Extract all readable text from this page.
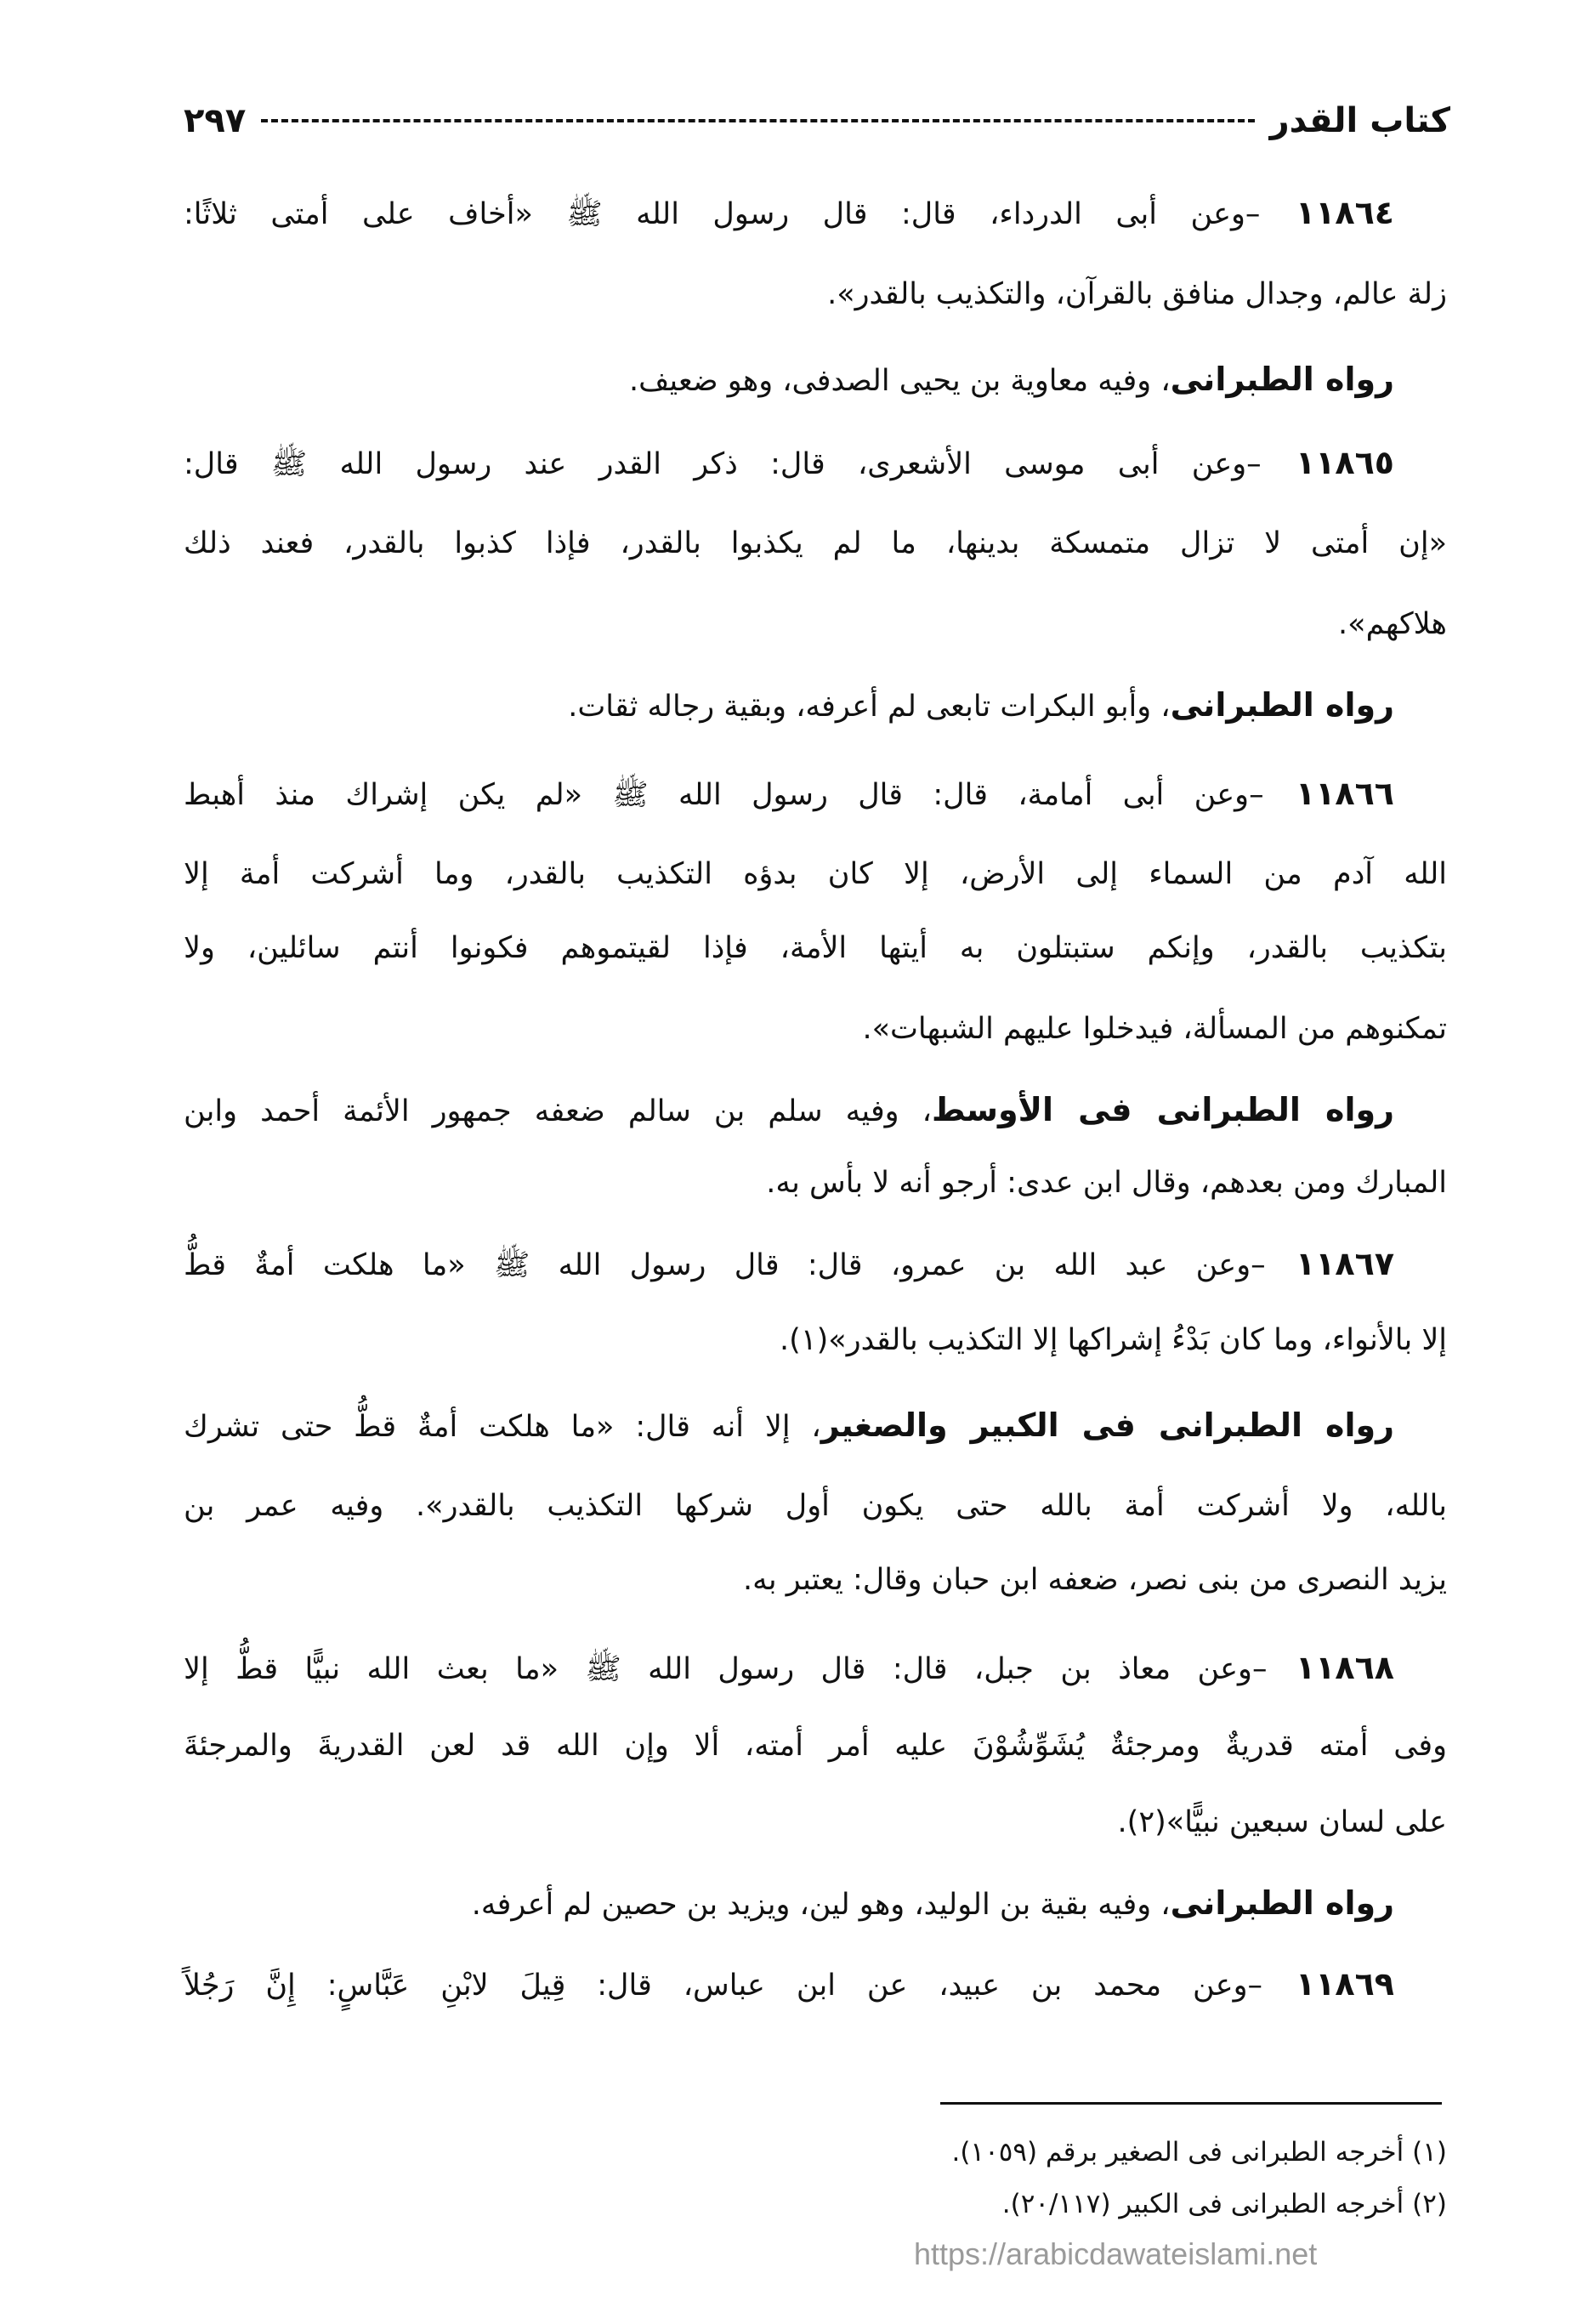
كتاب القدر
٢٩٧
١١٨٦٤ –وعن أبى الدرداء، قال: قال رسول الله ﷺ «أخاف على أمتى ثلاثًا:
زلة عالم، وجدال منافق بالقرآن، والتكذيب بالقدر».
رواه الطبرانى، وفيه معاوية بن يحيى الصدفى، وهو ضعيف.
١١٨٦٥ –وعن أبى موسى الأشعرى، قال: ذكر القدر عند رسول الله ﷺ قال:
«إن أمتى لا تزال متمسكة بدينها، ما لم يكذبوا بالقدر، فإذا كذبوا بالقدر، فعند ذلك
هلاكهم».
رواه الطبرانى، وأبو البكرات تابعى لم أعرفه، وبقية رجاله ثقات.
١١٨٦٦ –وعن أبى أمامة، قال: قال رسول الله ﷺ «لم يكن إشراك منذ أهبط
الله آدم من السماء إلى الأرض، إلا كان بدؤه التكذيب بالقدر، وما أشركت أمة إلا
بتكذيب بالقدر، وإنكم ستبتلون به أيتها الأمة، فإذا لقيتموهم فكونوا أنتم سائلين، ولا
تمكنوهم من المسألة، فيدخلوا عليهم الشبهات».
رواه الطبرانى فى الأوسط، وفيه سلم بن سالم ضعفه جمهور الأئمة أحمد وابن
المبارك ومن بعدهم، وقال ابن عدى: أرجو أنه لا بأس به.
١١٨٦٧ –وعن عبد الله بن عمرو، قال: قال رسول الله ﷺ «ما هلكت أمةٌ قطُّ
إلا بالأنواء، وما كان بَدْءُ إشراكها إلا التكذيب بالقدر»(١).
رواه الطبرانى فى الكبير والصغير، إلا أنه قال: «ما هلكت أمةٌ قطُّ حتى تشرك
بالله، ولا أشركت أمة بالله حتى يكون أول شركها التكذيب بالقدر». وفيه عمر بن
يزيد النصرى من بنى نصر، ضعفه ابن حبان وقال: يعتبر به.
١١٨٦٨ –وعن معاذ بن جبل، قال: قال رسول الله ﷺ «ما بعث الله نبيًّا قطُّ إلا
وفى أمته قدريةٌ ومرجئةٌ يُشَوِّشُوْنَ عليه أمر أمته، ألا وإن الله قد لعن القدريةَ والمرجئةَ
على لسان سبعين نبيًّا»(٢).
رواه الطبرانى، وفيه بقية بن الوليد، وهو لين، ويزيد بن حصين لم أعرفه.
١١٨٦٩ –وعن محمد بن عبيد، عن ابن عباس، قال: قِيلَ لابْنِ عَبَّاسٍ: إِنَّ رَجُلاً
(١) أخرجه الطبرانى فى الصغير برقم (١٠٥٩).
(٢) أخرجه الطبرانى فى الكبير (٢٠/١١٧).
https://arabicdawateislami.net
